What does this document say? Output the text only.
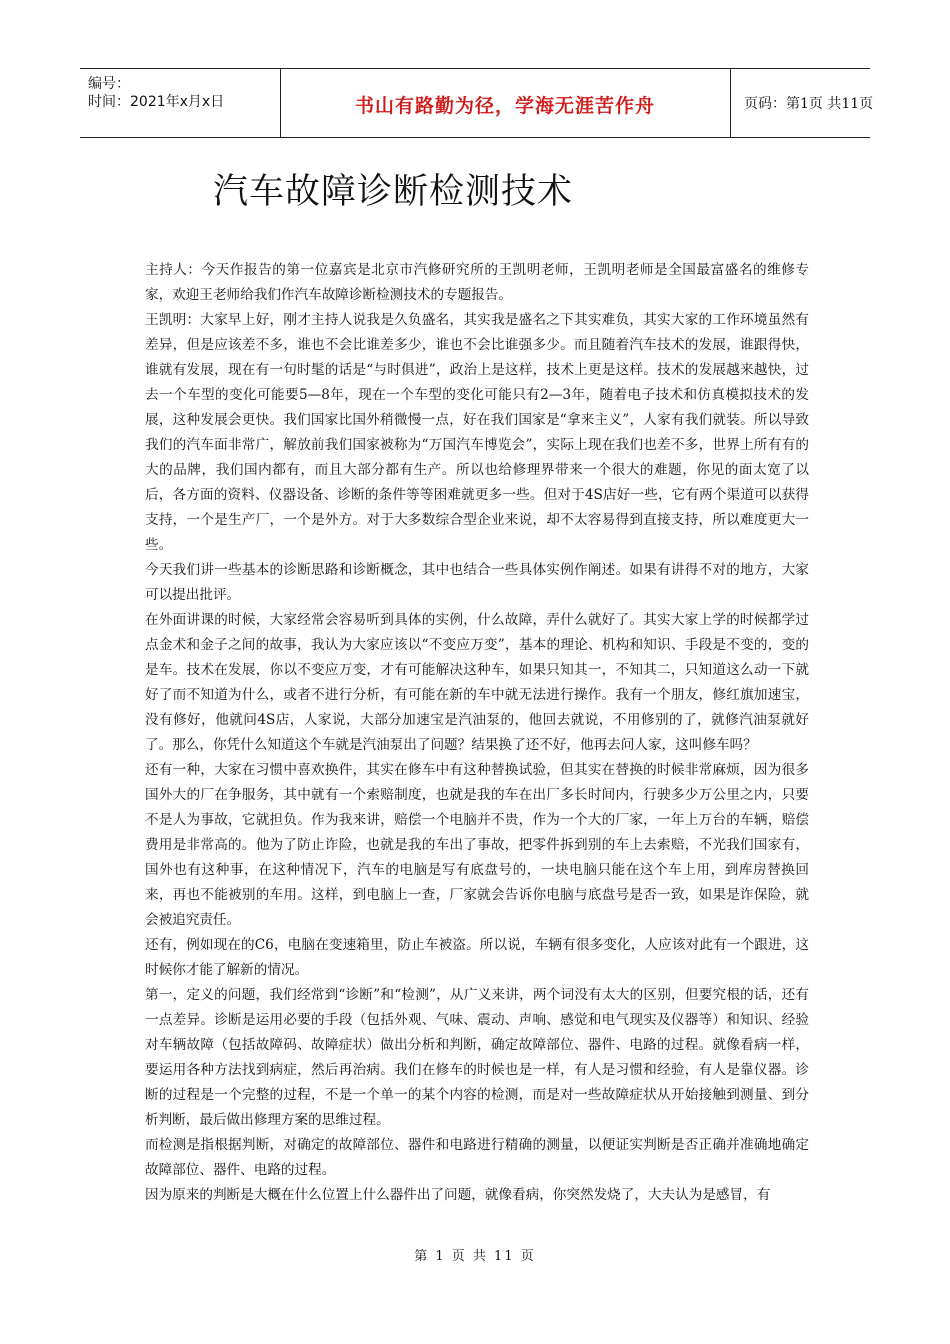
编号：
时间：2021年x月x日	书山有路勤为径，学海无涯苦作舟	页码：第1页 共11页
汽车故障诊断检测技术

主持人：今天作报告的第一位嘉宾是北京市汽修研究所的王凯明老师，王凯明老师是全国最富盛名的维修专家，欢迎王老师给我们作汽车故障诊断检测技术的专题报告。

王凯明：大家早上好，刚才主持人说我是久负盛名，其实我是盛名之下其实难负，其实大家的工作环境虽然有差异，但是应该差不多，谁也不会比谁差多少，谁也不会比谁强多少。而且随着汽车技术的发展，谁跟得快，谁就有发展，现在有一句时髦的话是“与时俱进”，政治上是这样，技术上更是这样。技术的发展越来越快，过去一个车型的变化可能要5—8年，现在一个车型的变化可能只有2—3年，随着电子技术和仿真模拟技术的发展，这种发展会更快。我们国家比国外稍微慢一点，好在我们国家是“拿来主义”，人家有我们就装。所以导致我们的汽车面非常广，解放前我们国家被称为“万国汽车博览会”，实际上现在我们也差不多，世界上所有有的大的品牌，我们国内都有，而且大部分都有生产。所以也给修理界带来一个很大的难题，你见的面太宽了以后，各方面的资料、仪器设备、诊断的条件等等困难就更多一些。但对于4S店好一些，它有两个渠道可以获得支持，一个是生产厂，一个是外方。对于大多数综合型企业来说，却不太容易得到直接支持，所以难度更大一些。

今天我们讲一些基本的诊断思路和诊断概念，其中也结合一些具体实例作阐述。如果有讲得不对的地方，大家可以提出批评。

在外面讲课的时候，大家经常会容易听到具体的实例，什么故障，弄什么就好了。其实大家上学的时候都学过点金术和金子之间的故事，我认为大家应该以“不变应万变”，基本的理论、机构和知识、手段是不变的，变的是车。技术在发展，你以不变应万变，才有可能解决这种车，如果只知其一，不知其二，只知道这么动一下就好了而不知道为什么，或者不进行分析，有可能在新的车中就无法进行操作。我有一个朋友，修红旗加速宝，没有修好，他就问4S店，人家说，大部分加速宝是汽油泵的，他回去就说，不用修别的了，就修汽油泵就好了。那么，你凭什么知道这个车就是汽油泵出了问题？结果换了还不好，他再去问人家，这叫修车吗？

还有一种，大家在习惯中喜欢换件，其实在修车中有这种替换试验，但其实在替换的时候非常麻烦，因为很多国外大的厂在争服务，其中就有一个索赔制度，也就是我的车在出厂多长时间内，行驶多少万公里之内，只要不是人为事故，它就担负。作为我来讲，赔偿一个电脑并不贵，作为一个大的厂家，一年上万台的车辆，赔偿费用是非常高的。他为了防止诈险，也就是我的车出了事故，把零件拆到别的车上去索赔，不光我们国家有，国外也有这种事，在这种情况下，汽车的电脑是写有底盘号的，一块电脑只能在这个车上用，到库房替换回来，再也不能被别的车用。这样，到电脑上一查，厂家就会告诉你电脑与底盘号是否一致，如果是诈保险，就会被追究责任。

还有，例如现在的C6，电脑在变速箱里，防止车被盗。所以说，车辆有很多变化，人应该对此有一个跟进，这时候你才能了解新的情况。

第一，定义的问题，我们经常到“诊断”和“检测”，从广义来讲，两个词没有太大的区别，但要究根的话，还有一点差异。诊断是运用必要的手段（包括外观、气味、震动、声响、感觉和电气现实及仪器等）和知识、经验对车辆故障（包括故障码、故障症状）做出分析和判断，确定故障部位、器件、电路的过程。就像看病一样，要运用各种方法找到病症，然后再治病。我们在修车的时候也是一样，有人是习惯和经验，有人是靠仪器。诊断的过程是一个完整的过程，不是一个单一的某个内容的检测，而是对一些故障症状从开始接触到测量、到分析判断，最后做出修理方案的思维过程。

而检测是指根据判断，对确定的故障部位、器件和电路进行精确的测量，以便证实判断是否正确并准确地确定故障部位、器件、电路的过程。

因为原来的判断是大概在什么位置上什么器件出了问题，就像看病，你突然发烧了，大夫认为是感冒，有

第 1 页 共 11 页
